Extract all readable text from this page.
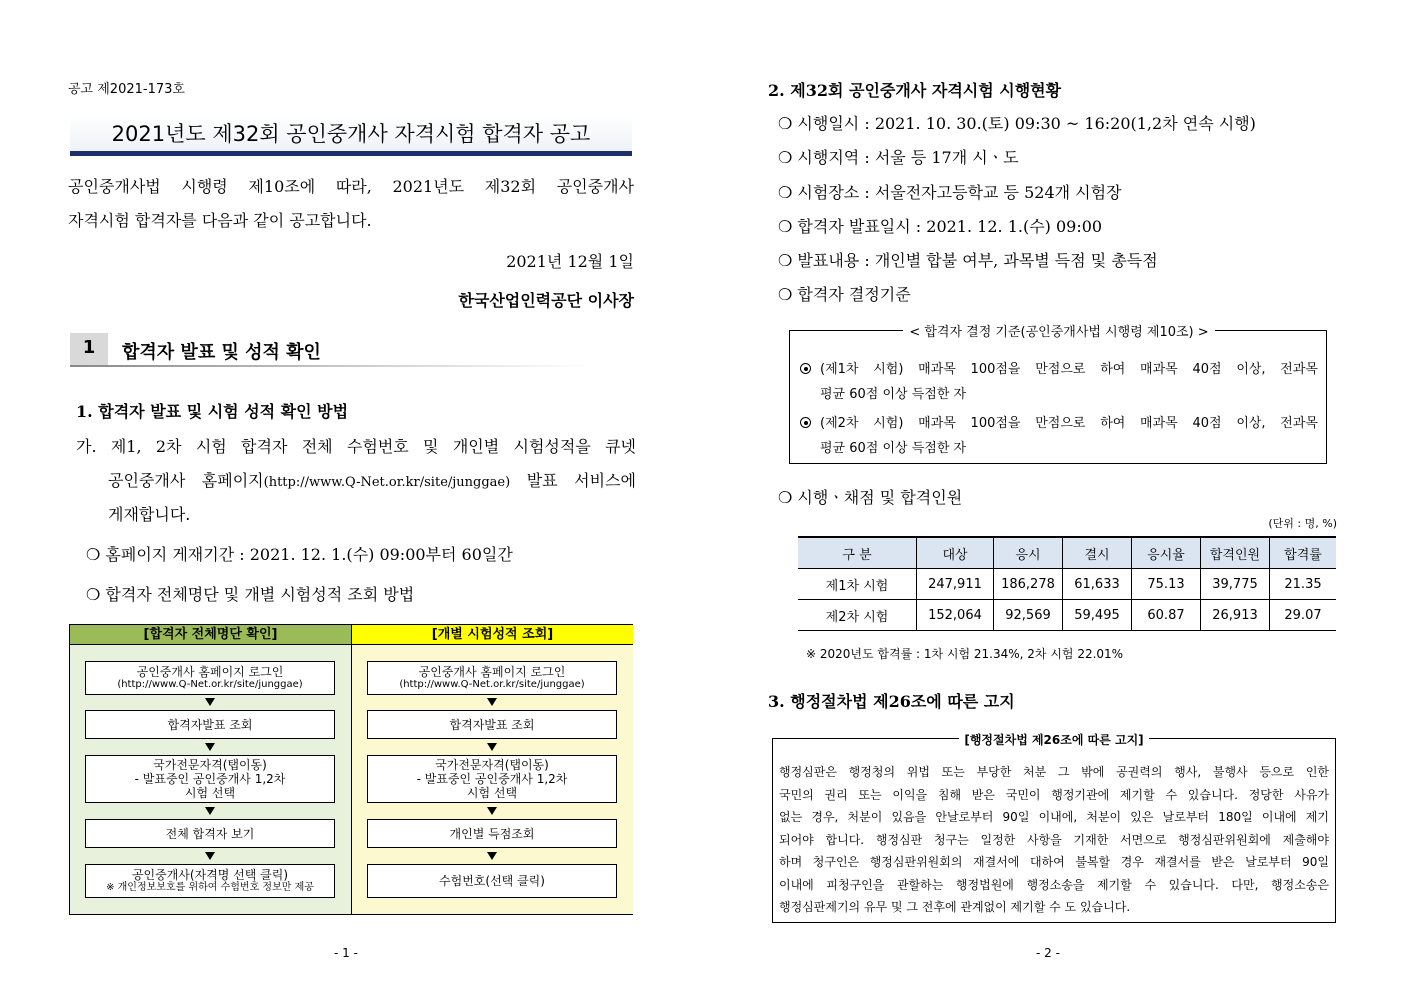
공고 제2021-173호
2021년도 제32회 공인중개사 자격시험 합격자 공고
공인중개사법 시행령 제10조에 따라, 2021년도 제32회 공인중개사
자격시험 합격자를 다음과 같이 공고합니다.
2021년 12월 1일
한국산업인력공단 이사장
1	합격자 발표 및 성적 확인
1. 합격자 발표 및 시험 성적 확인 방법
가. 제1, 2차 시험 합격자 전체 수험번호 및 개인별 시험성적을 큐넷
공인중개사 홈페이지(http://www.Q-Net.or.kr/site/junggae) 발표 서비스에
게재합니다.
❍ 홈페이지 게재기간 : 2021. 12. 1.(수) 09:00부터 60일간
❍ 합격자 전체명단 및 개별 시험성적 조회 방법
[합격자 전체명단 확인]
공인중개사 홈페이지 로그인
(http://www.Q-Net.or.kr/site/junggae)
합격자발표 조회
국가전문자격(탭이동)
- 발표중인 공인중개사 1,2차
시험 선택
전체 합격자 보기
공인중개사(자격명 선택 클릭)
※ 개인정보보호를 위하여 수험번호 정보만 제공
[개별 시험성적 조회]
공인중개사 홈페이지 로그인
(http://www.Q-Net.or.kr/site/junggae)
합격자발표 조회
국가전문자격(탭이동)
- 발표중인 공인중개사 1,2차
시험 선택
개인별 득점조회
수험번호(선택 클릭)
- 1 -
2. 제32회 공인중개사 자격시험 시행현황
❍ 시행일시 : 2021. 10. 30.(토) 09:30 ~ 16:20(1,2차 연속 시행)
❍ 시행지역 : 서울 등 17개 시ㆍ도
❍ 시험장소 : 서울전자고등학교 등 524개 시험장
❍ 합격자 발표일시 : 2021. 12. 1.(수) 09:00
❍ 발표내용 : 개인별 합불 여부, 과목별 득점 및 총득점
❍ 합격자 결정기준
< 합격자 결정 기준(공인중개사법 시행령 제10조) >
(제1차 시험) 매과목 100점을 만점으로 하여 매과목 40점 이상, 전과목
평균 60점 이상 득점한 자
(제2차 시험) 매과목 100점을 만점으로 하여 매과목 40점 이상, 전과목
평균 60점 이상 득점한 자
❍ 시행ㆍ채점 및 합격인원
(단위 : 명, %)
구 분	대상	응시	결시	응시율	합격인원	합격률
제1차 시험	247,911	186,278	61,633	75.13	39,775	21.35
제2차 시험	152,064	92,569	59,495	60.87	26,913	29.07
※ 2020년도 합격률 : 1차 시험 21.34%, 2차 시험 22.01%
3. 행정절차법 제26조에 따른 고지
[행정절차법 제26조에 따른 고지]
행정심판은 행정청의 위법 또는 부당한 처분 그 밖에 공권력의 행사, 불행사 등으로 인한
국민의 권리 또는 이익을 침해 받은 국민이 행정기관에 제기할 수 있습니다. 정당한 사유가
없는 경우, 처분이 있음을 안날로부터 90일 이내에, 처분이 있은 날로부터 180일 이내에 제기
되어야 합니다. 행정심판 청구는 일정한 사항을 기재한 서면으로 행정심판위원회에 제출해야
하며 청구인은 행정심판위원회의 재결서에 대하여 불복할 경우 재결서를 받은 날로부터 90일
이내에 피청구인을 관할하는 행정법원에 행정소송을 제기할 수 있습니다. 다만, 행정소송은
행정심판제기의 유무 및 그 전후에 관계없이 제기할 수 도 있습니다.
- 2 -
